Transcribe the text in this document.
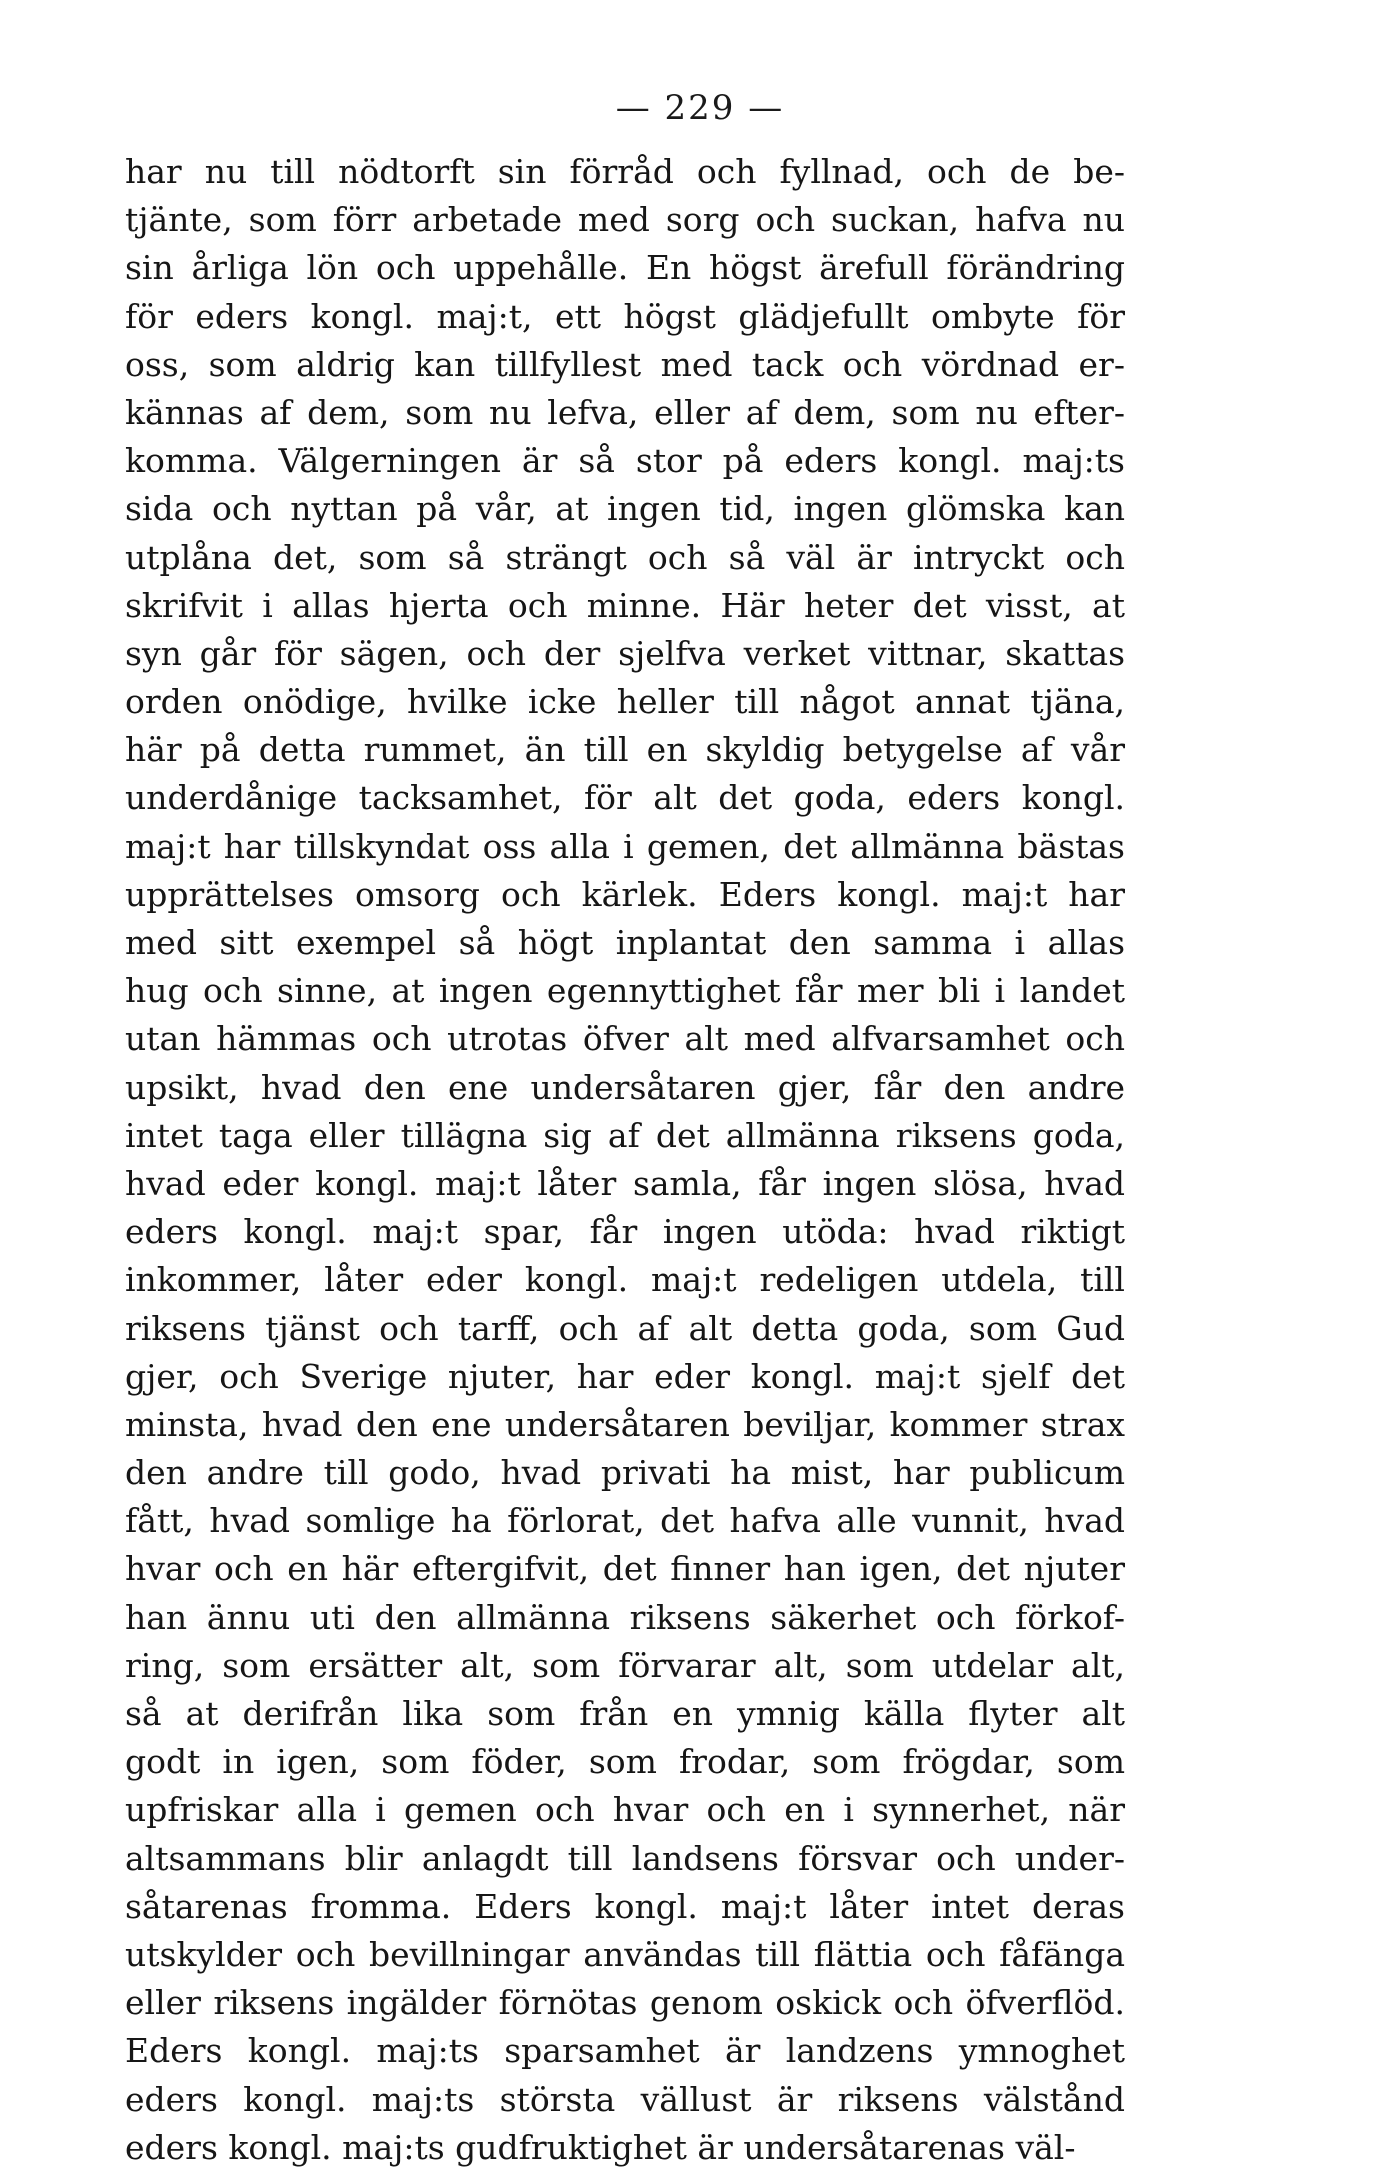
— 229 —
har nu till nödtorft sin förråd och fyllnad, och de be-
tjänte, som förr arbetade med sorg och suckan, hafva nu
sin årliga lön och uppehålle. En högst ärefull förändring
för eders kongl. maj:t, ett högst glädjefullt ombyte för
oss, som aldrig kan tillfyllest med tack och vördnad er-
kännas af dem, som nu lefva, eller af dem, som nu efter-
komma. Välgerningen är så stor på eders kongl. maj:ts
sida och nyttan på vår, at ingen tid, ingen glömska kan
utplåna det, som så strängt och så väl är intryckt och
skrifvit i allas hjerta och minne. Här heter det visst, at
syn går för sägen, och der sjelfva verket vittnar, skattas
orden onödige, hvilke icke heller till något annat tjäna,
här på detta rummet, än till en skyldig betygelse af vår
underdånige tacksamhet, för alt det goda, eders kongl.
maj:t har tillskyndat oss alla i gemen, det allmänna bästas
upprättelses omsorg och kärlek. Eders kongl. maj:t har
med sitt exempel så högt inplantat den samma i allas
hug och sinne, at ingen egennyttighet får mer bli i landet
utan hämmas och utrotas öfver alt med alfvarsamhet och
upsikt, hvad den ene undersåtaren gjer, får den andre
intet taga eller tillägna sig af det allmänna riksens goda,
hvad eder kongl. maj:t låter samla, får ingen slösa, hvad
eders kongl. maj:t spar, får ingen utöda: hvad riktigt
inkommer, låter eder kongl. maj:t redeligen utdela, till
riksens tjänst och tarff, och af alt detta goda, som Gud
gjer, och Sverige njuter, har eder kongl. maj:t sjelf det
minsta, hvad den ene undersåtaren beviljar, kommer strax
den andre till godo, hvad privati ha mist, har publicum
fått, hvad somlige ha förlorat, det hafva alle vunnit, hvad
hvar och en här eftergifvit, det finner han igen, det njuter
han ännu uti den allmänna riksens säkerhet och förkof-
ring, som ersätter alt, som förvarar alt, som utdelar alt,
så at derifrån lika som från en ymnig källa flyter alt
godt in igen, som föder, som frodar, som frögdar, som
upfriskar alla i gemen och hvar och en i synnerhet, när
altsammans blir anlagdt till landsens försvar och under-
såtarenas fromma. Eders kongl. maj:t låter intet deras
utskylder och bevillningar användas till flättia och fåfänga
eller riksens ingälder förnötas genom oskick och öfverflöd.
Eders kongl. maj:ts sparsamhet är landzens ymnoghet
eders kongl. maj:ts största vällust är riksens välstånd
eders kongl. maj:ts gudfruktighet är undersåtarenas väl-
